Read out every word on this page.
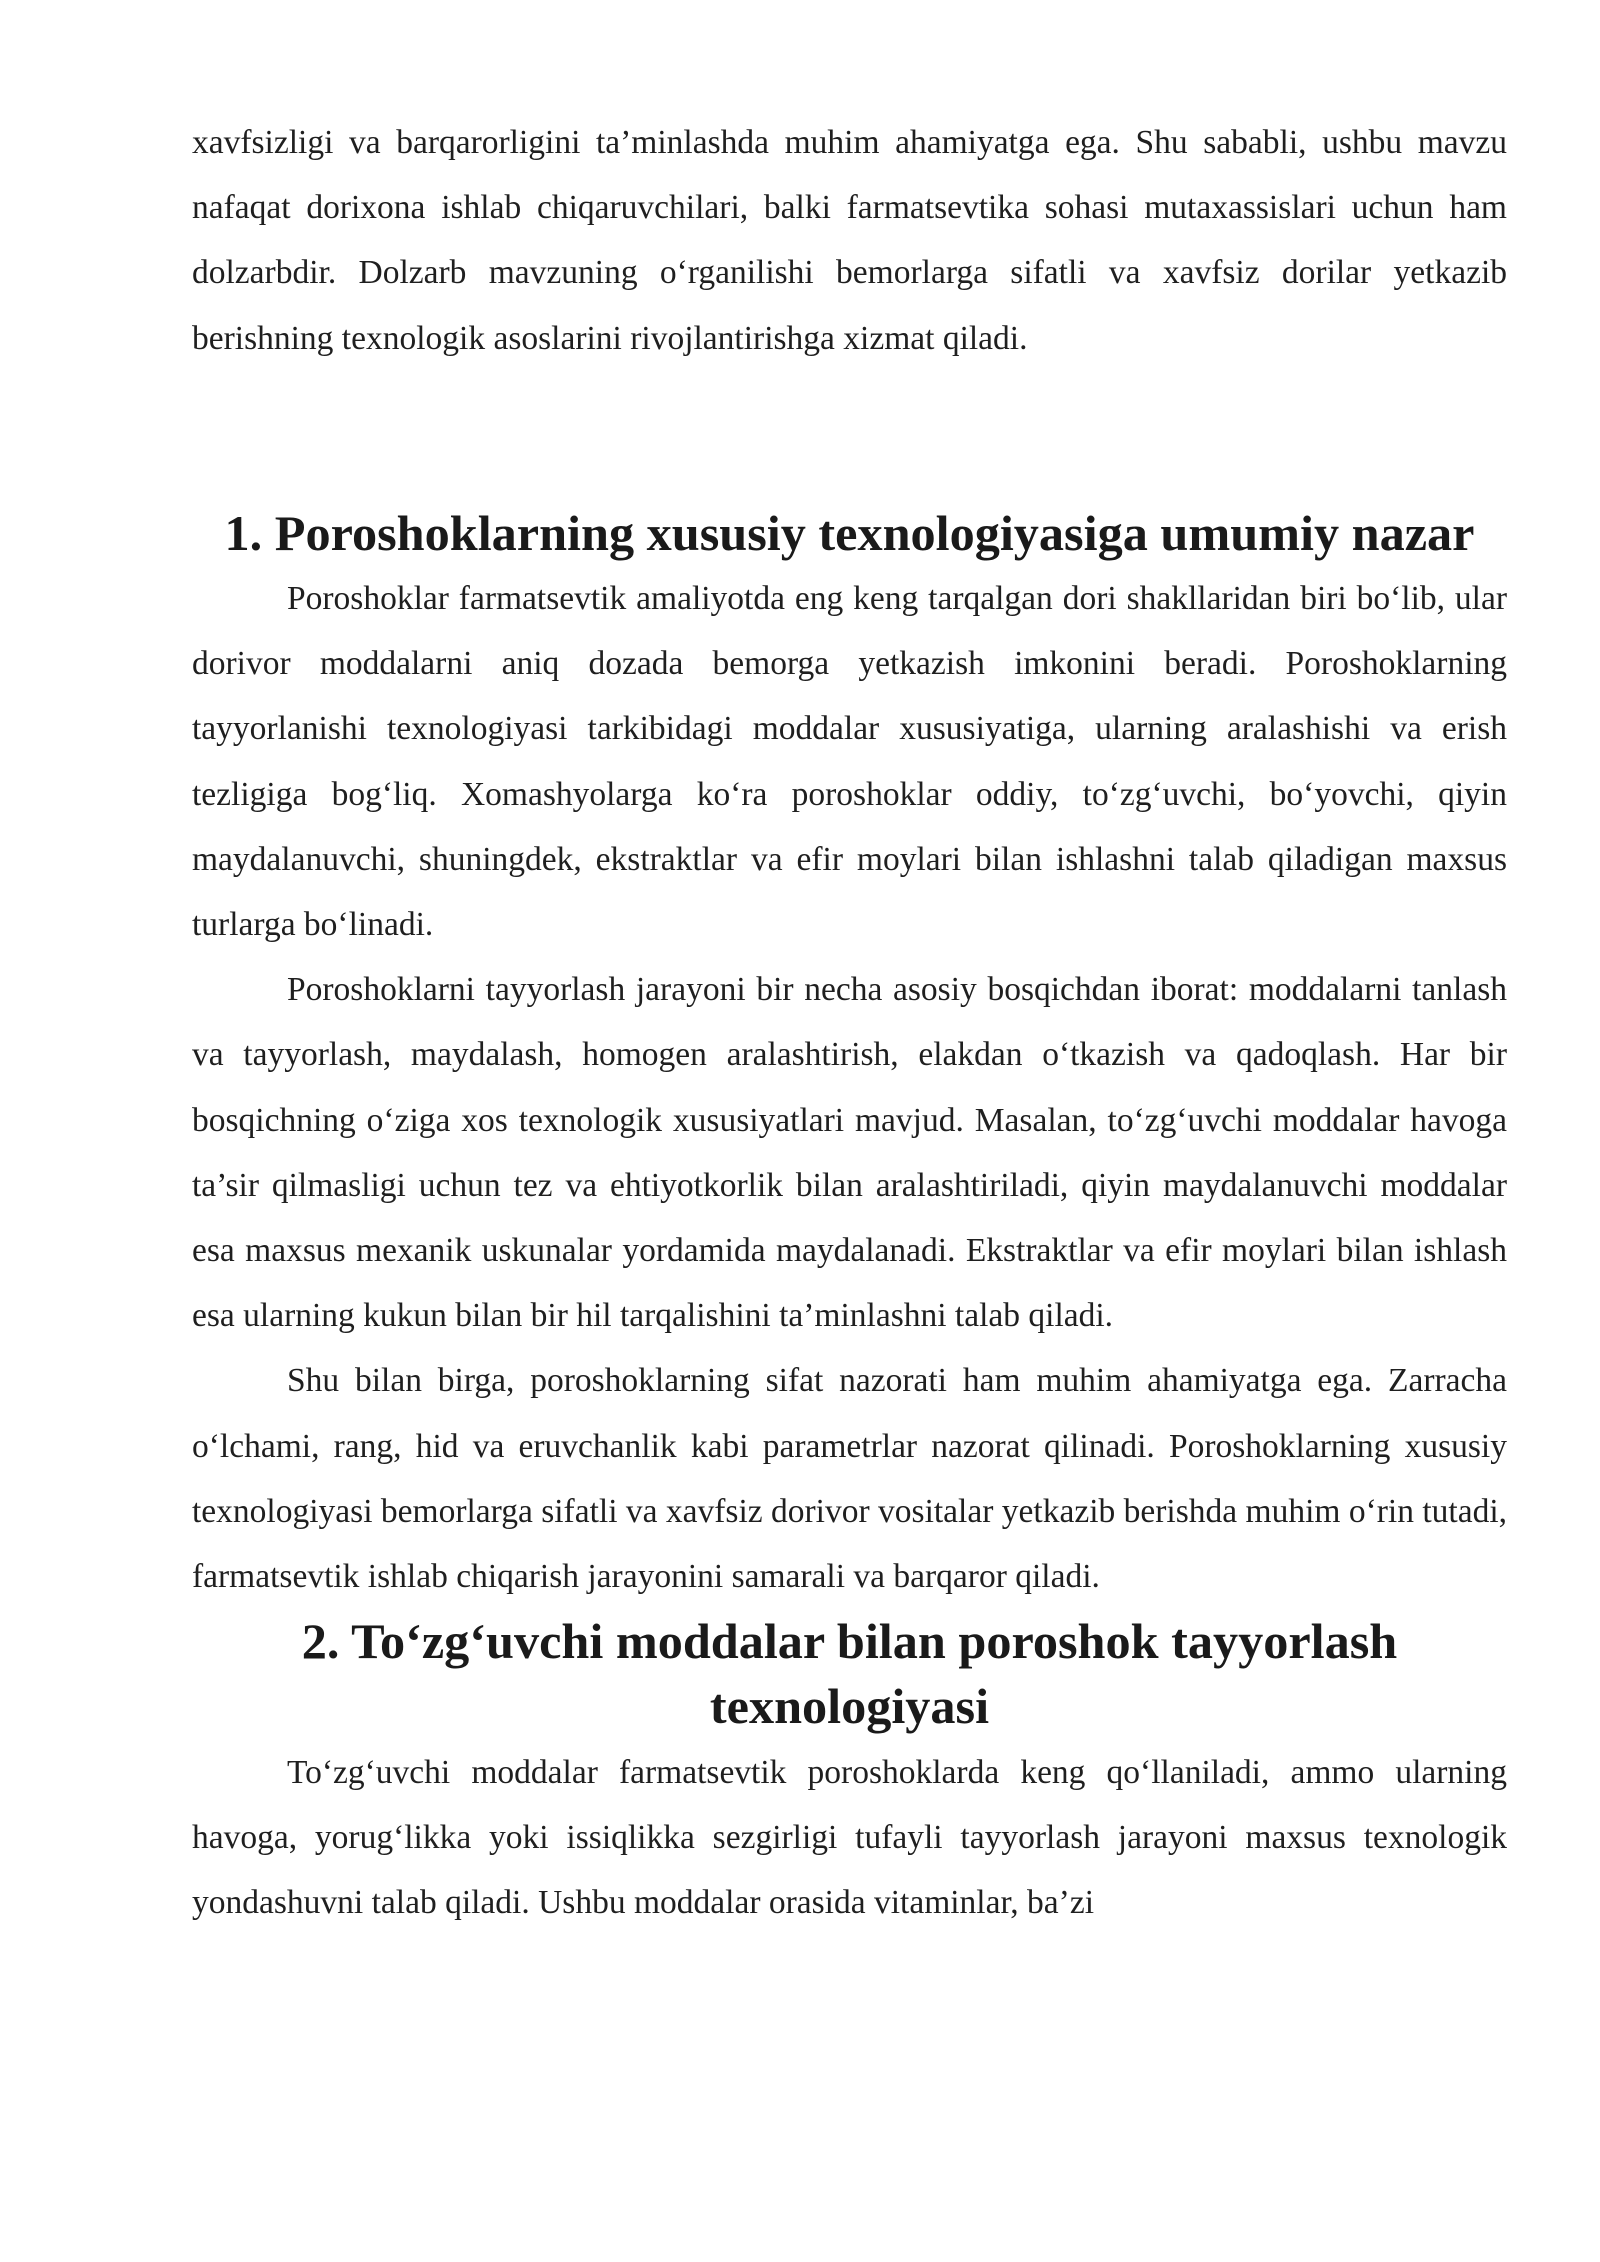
xavfsizligi va barqarorligini ta’minlashda muhim ahamiyatga ega. Shu sababli, ushbu mavzu nafaqat dorixona ishlab chiqaruvchilari, balki farmatsevtika sohasi mutaxassislari uchun ham dolzarbdir. Dolzarb mavzuning o‘rganilishi bemorlarga sifatli va xavfsiz dorilar yetkazib berishning texnologik asoslarini rivojlantirishga xizmat qiladi.

1. Poroshoklarning xususiy texnologiyasiga umumiy nazar

Poroshoklar farmatsevtik amaliyotda eng keng tarqalgan dori shakllaridan biri bo‘lib, ular dorivor moddalarni aniq dozada bemorga yetkazish imkonini beradi. Poroshoklarning tayyorlanishi texnologiyasi tarkibidagi moddalar xususiyatiga, ularning aralashishi va erish tezligiga bog‘liq. Xomashyolarga ko‘ra poroshoklar oddiy, to‘zg‘uvchi, bo‘yovchi, qiyin maydalanuvchi, shuningdek, ekstraktlar va efir moylari bilan ishlashni talab qiladigan maxsus turlarga bo‘linadi.

Poroshoklarni tayyorlash jarayoni bir necha asosiy bosqichdan iborat: moddalarni tanlash va tayyorlash, maydalash, homogen aralashtirish, elakdan o‘tkazish va qadoqlash. Har bir bosqichning o‘ziga xos texnologik xususiyatlari mavjud. Masalan, to‘zg‘uvchi moddalar havoga ta’sir qilmasligi uchun tez va ehtiyotkorlik bilan aralashtiriladi, qiyin maydalanuvchi moddalar esa maxsus mexanik uskunalar yordamida maydalanadi. Ekstraktlar va efir moylari bilan ishlash esa ularning kukun bilan bir hil tarqalishini ta’minlashni talab qiladi.

Shu bilan birga, poroshoklarning sifat nazorati ham muhim ahamiyatga ega. Zarracha o‘lchami, rang, hid va eruvchanlik kabi parametrlar nazorat qilinadi. Poroshoklarning xususiy texnologiyasi bemorlarga sifatli va xavfsiz dorivor vositalar yetkazib berishda muhim o‘rin tutadi, farmatsevtik ishlab chiqarish jarayonini samarali va barqaror qiladi.

2. To‘zg‘uvchi moddalar bilan poroshok tayyorlash texnologiyasi

To‘zg‘uvchi moddalar farmatsevtik poroshoklarda keng qo‘llaniladi, ammo ularning havoga, yorug‘likka yoki issiqlikka sezgirligi tufayli tayyorlash jarayoni maxsus texnologik yondashuvni talab qiladi. Ushbu moddalar orasida vitaminlar, ba’zi
